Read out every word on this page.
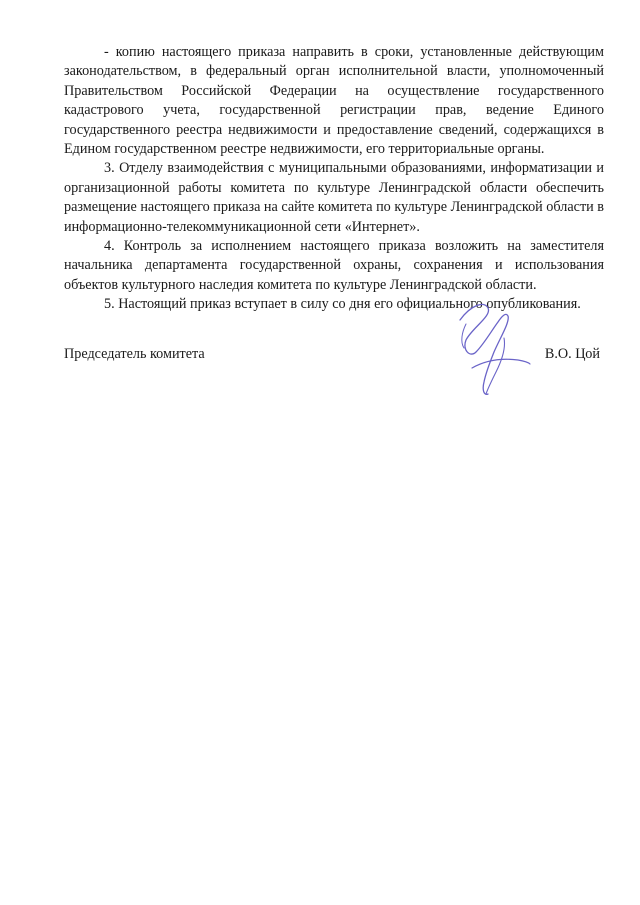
- копию настоящего приказа направить в сроки, установленные действующим законодательством, в федеральный орган исполнительной власти, уполномоченный Правительством Российской Федерации на осуществление государственного кадастрового учета, государственной регистрации прав, ведение Единого государственного реестра недвижимости и предоставление сведений, содержащихся в Едином государственном реестре недвижимости, его территориальные органы.

3. Отделу взаимодействия с муниципальными образованиями, информатизации и организационной работы комитета по культуре Ленинградской области обеспечить размещение настоящего приказа на сайте комитета по культуре Ленинградской области в информационно-телекоммуникационной сети «Интернет».

4. Контроль за исполнением настоящего приказа возложить на заместителя начальника департамента государственной охраны, сохранения и использования объектов культурного наследия комитета по культуре Ленинградской области.

5. Настоящий приказ вступает в силу со дня его официального опубликования.

Председатель комитета	В.О. Цой
